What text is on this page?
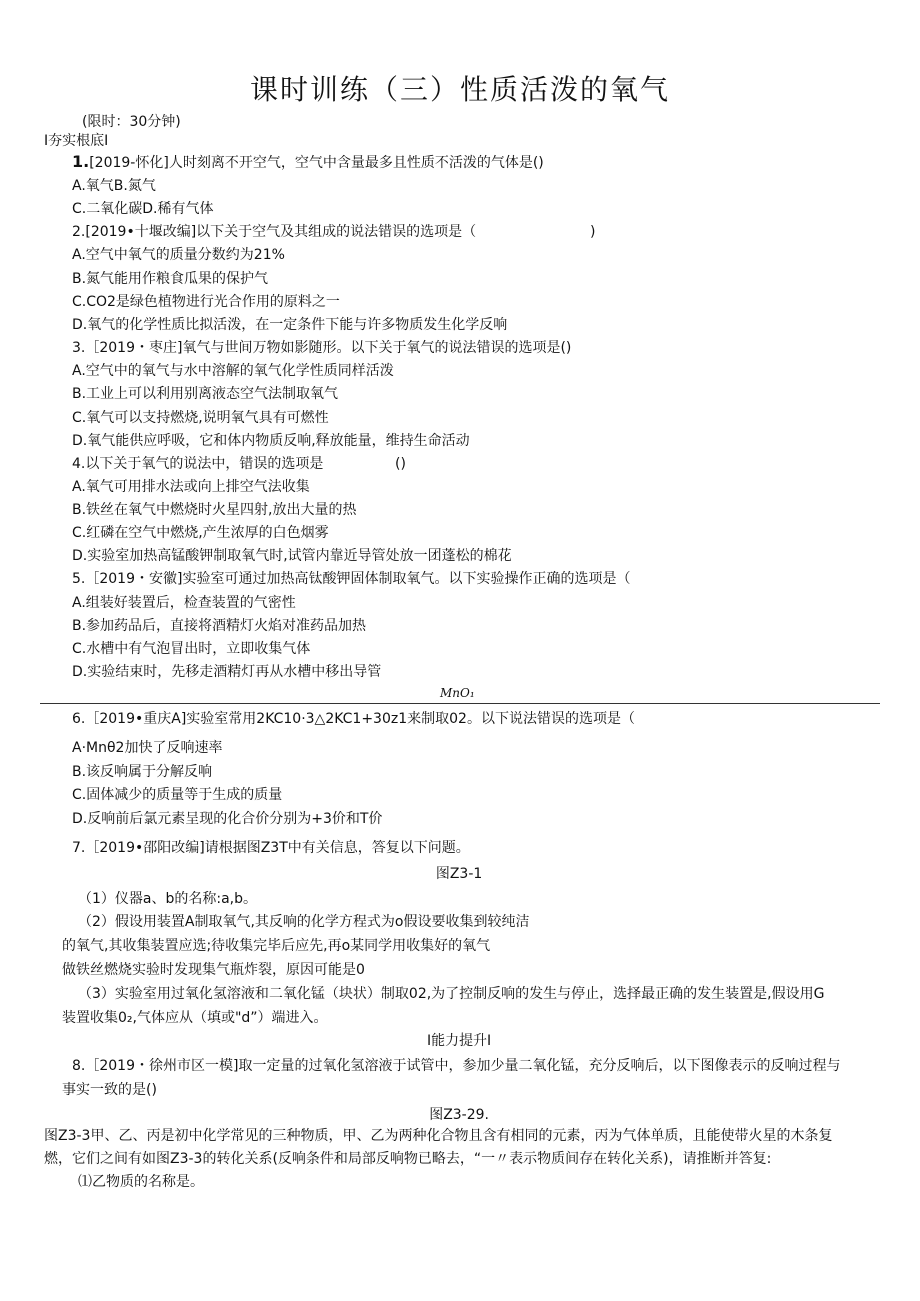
课时训练（三）性质活泼的氧气
(限时：30分钟)
I夯实根底I
1.[2019-怀化]人时刻离不开空气，空气中含量最多且性质不活泼的气体是()
A.氧气B.氮气
C.二氧化碳D.稀有气体
2.[2019•十堰改编]以下关于空气及其组成的说法错误的选项是（	)
A.空气中氧气的质量分数约为21%
B.氮气能用作粮食瓜果的保护气
C.CO2是绿色植物进行光合作用的原料之一
D.氧气的化学性质比拟活泼，在一定条件下能与许多物质发生化学反响
3.［2019・枣庄]氧气与世间万物如影随形。以下关于氧气的说法错误的选项是()
A.空气中的氧气与水中溶解的氧气化学性质同样活泼
B.工业上可以利用别离液态空气法制取氧气
C.氧气可以支持燃烧,说明氧气具有可燃性
D.氧气能供应呼吸，它和体内物质反响,释放能量，维持生命活动
4.以下关于氧气的说法中，错误的选项是	()
A.氧气可用排水法或向上排空气法收集
B.铁丝在氧气中燃烧时火星四射,放出大量的热
C.红磷在空气中燃烧,产生浓厚的白色烟雾
D.实验室加热高锰酸钾制取氧气时,试管内靠近导管处放一团蓬松的棉花
5.［2019・安徽]实验室可通过加热高钛酸钾固体制取氧气。以下实验操作正确的选项是（
A.组装好装置后，检查装置的气密性
B.参加药品后，直接将酒精灯火焰对准药品加热
C.水槽中有气泡冒出时，立即收集气体
D.实验结束时，先移走酒精灯再从水槽中移出导管
MnO₁
6.［2019•重庆A]实验室常用2KC10·3△2KC1+30z1来制取02。以下说法错误的选项是（
A·Mnθ2加快了反响速率
B.该反响属于分解反响
C.固体减少的质量等于生成的质量
D.反响前后氯元素呈现的化合价分别为+3价和T价
7.［2019•邵阳改编]请根据图Z3T中有关信息，答复以下问题。
图Z3-1
（1）仪器a、b的名称:a,b。
（2）假设用装置A制取氧气,其反响的化学方程式为o假设要收集到较纯洁
的氧气,其收集装置应选;待收集完毕后应先,再o某同学用收集好的氧气
做铁丝燃烧实验时发现集气瓶炸裂，原因可能是0
（3）实验室用过氧化氢溶液和二氧化锰（块状）制取02,为了控制反响的发生与停止，选择最正确的发生装置是,假设用G
装置收集0₂,气体应从（填或"d”）端进入。
I能力提升I
8.［2019・徐州市区一模]取一定量的过氧化氢溶液于试管中，参加少量二氧化锰，充分反响后，以下图像表示的反响过程与
事实一致的是()
图Z3-29.
图Z3-3甲、乙、丙是初中化学常见的三种物质，甲、乙为两种化合物且含有相同的元素，丙为气体单质，且能使带火星的木条复
燃，它们之间有如图Z3-3的转化关系(反响条件和局部反响物已略去，“一〃表示物质间存在转化关系)，请推断并答复:
⑴乙物质的名称是。
